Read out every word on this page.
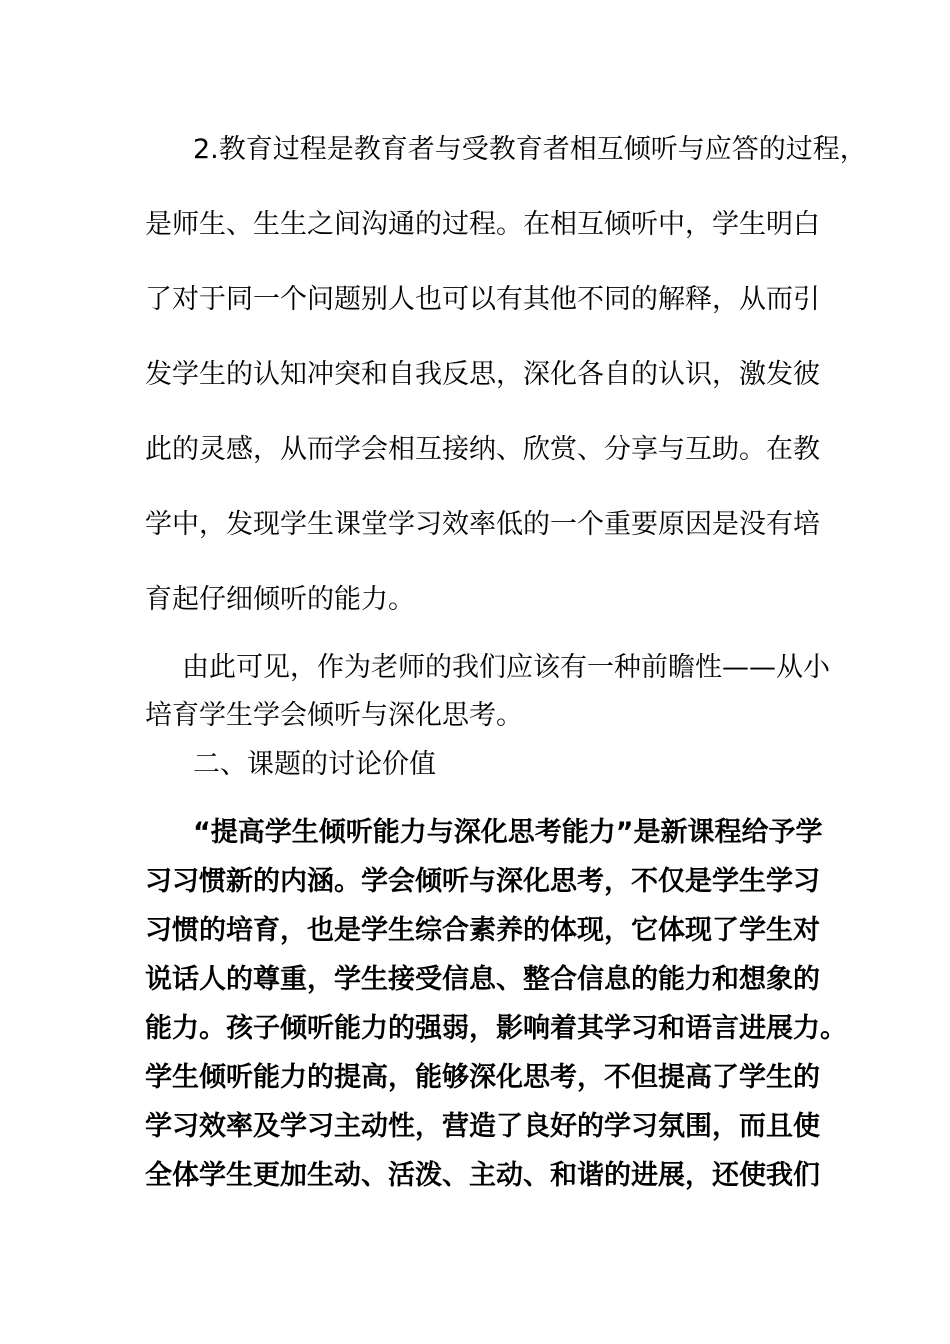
2.教育过程是教育者与受教育者相互倾听与应答的过程，
是师生、生生之间沟通的过程。在相互倾听中，学生明白
了对于同一个问题别人也可以有其他不同的解释，从而引
发学生的认知冲突和自我反思，深化各自的认识，激发彼
此的灵感，从而学会相互接纳、欣赏、分享与互助。在教
学中，发现学生课堂学习效率低的一个重要原因是没有培
育起仔细倾听的能力。
由此可见，作为老师的我们应该有一种前瞻性——从小
培育学生学会倾听与深化思考。
二、课题的讨论价值
“提高学生倾听能力与深化思考能力”是新课程给予学
习习惯新的内涵。学会倾听与深化思考，不仅是学生学习
习惯的培育，也是学生综合素养的体现，它体现了学生对
说话人的尊重，学生接受信息、整合信息的能力和想象的
能力。孩子倾听能力的强弱，影响着其学习和语言进展力。
学生倾听能力的提高，能够深化思考，不但提高了学生的
学习效率及学习主动性，营造了良好的学习氛围，而且使
全体学生更加生动、活泼、主动、和谐的进展，还使我们
